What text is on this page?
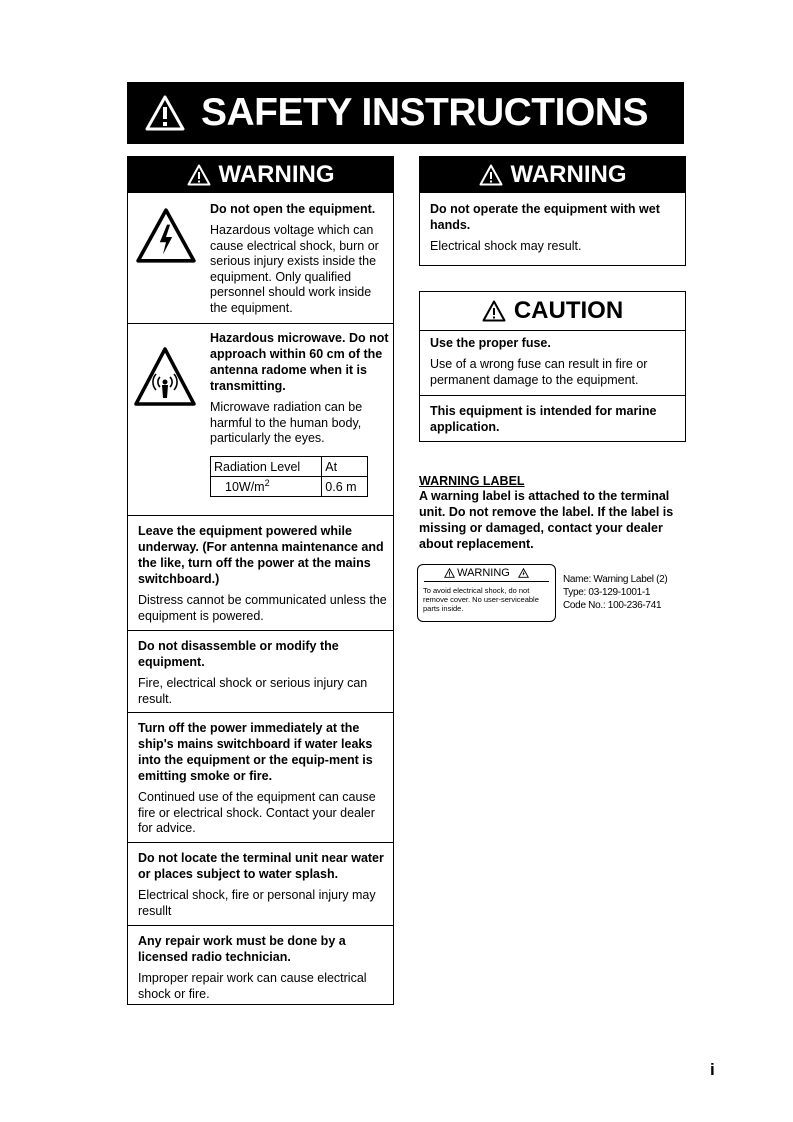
SAFETY INSTRUCTIONS
WARNING
Do not open the equipment.
Hazardous voltage which can cause electrical shock, burn or serious injury exists inside the equipment. Only qualified personnel should work inside the equipment.
Hazardous microwave. Do not approach within 60 cm of the antenna radome when it is transmitting.
Microwave radiation can be harmful to the human body, particularly the eyes.
Radiation Level	At
$10W/m^2$	0.6 m
Leave the equipment powered while underway. (For antenna maintenance and the like, turn off the power at the mains switchboard.)
Distress cannot be communicated unless the equipment is powered.
Do not disassemble or modify the equipment.
Fire, electrical shock or serious injury can result.
Turn off the power immediately at the ship's mains switchboard if water leaks into the equipment or the equip-ment is emitting smoke or fire.
Continued use of the equipment can cause fire or electrical shock. Contact your dealer for advice.
Do not locate the terminal unit near water or places subject to water splash.
Electrical shock, fire or personal injury may resullt
Any repair work must be done by a licensed radio technician.
Improper repair work can cause electrical shock or fire.
WARNING
Do not operate the equipment with wet hands.
Electrical shock may result.
CAUTION
Use the proper fuse.
Use of a wrong fuse can result in fire or permanent damage to the equipment.
This equipment is intended for marine application.
WARNING LABEL
A warning label is attached to the terminal unit. Do not remove the label. If the label is missing or damaged, contact your dealer about replacement.
WARNING
To avoid electrical shock, do not remove cover. No user-serviceable parts inside.
Name: Warning Label (2)
Type: 03-129-1001-1
Code No.: 100-236-741
i
